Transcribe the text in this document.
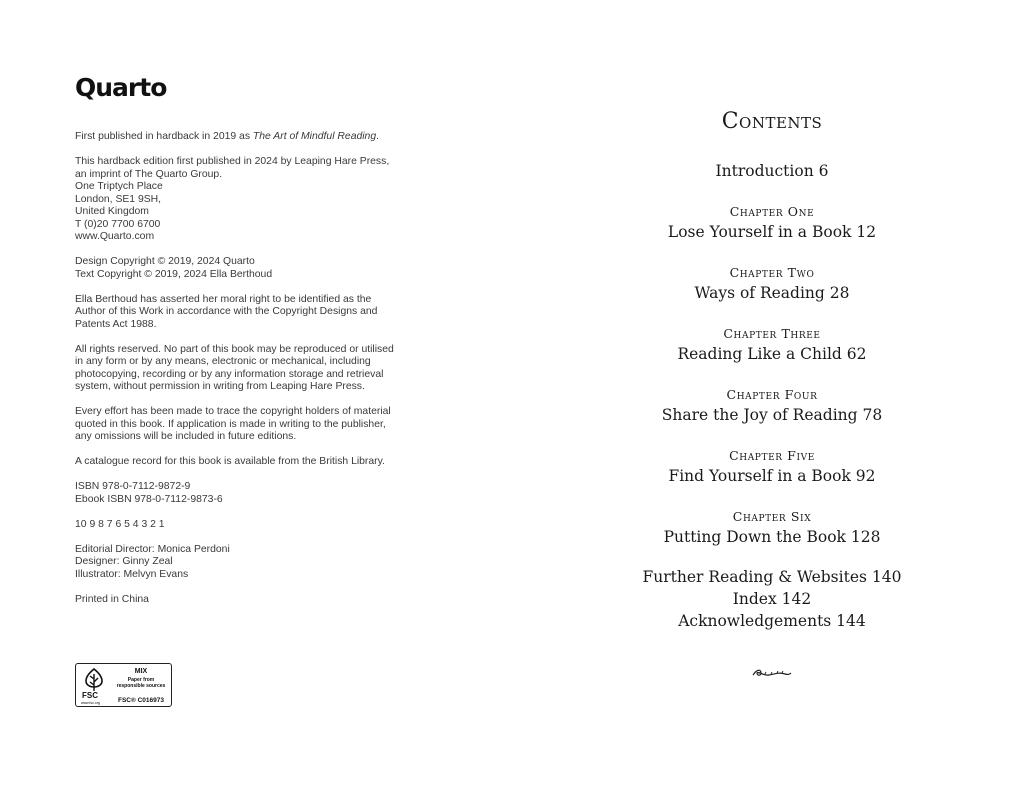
Quarto

First published in hardback in 2019 as The Art of Mindful Reading.

This hardback edition first published in 2024 by Leaping Hare Press,
an imprint of The Quarto Group.
One Triptych Place
London, SE1 9SH,
United Kingdom
T (0)20 7700 6700
www.Quarto.com

Design Copyright © 2019, 2024 Quarto
Text Copyright © 2019, 2024 Ella Berthoud

Ella Berthoud has asserted her moral right to be identified as the
Author of this Work in accordance with the Copyright Designs and
Patents Act 1988.

All rights reserved. No part of this book may be reproduced or utilised
in any form or by any means, electronic or mechanical, including
photocopying, recording or by any information storage and retrieval
system, without permission in writing from Leaping Hare Press.

Every effort has been made to trace the copyright holders of material
quoted in this book. If application is made in writing to the publisher,
any omissions will be included in future editions.

A catalogue record for this book is available from the British Library.

ISBN 978-0-7112-9872-9
Ebook ISBN 978-0-7112-9873-6

10 9 8 7 6 5 4 3 2 1

Editorial Director: Monica Perdoni
Designer: Ginny Zeal
Illustrator: Melvyn Evans

Printed in China

FSC
www.fsc.org
MIX
Paper from
responsible sources
FSC® C016973
Contents
Introduction 6
Chapter One
Lose Yourself in a Book 12
Chapter Two
Ways of Reading 28
Chapter Three
Reading Like a Child 62
Chapter Four
Share the Joy of Reading 78
Chapter Five
Find Yourself in a Book 92
Chapter Six
Putting Down the Book 128
Further Reading & Websites 140
Index 142
Acknowledgements 144
